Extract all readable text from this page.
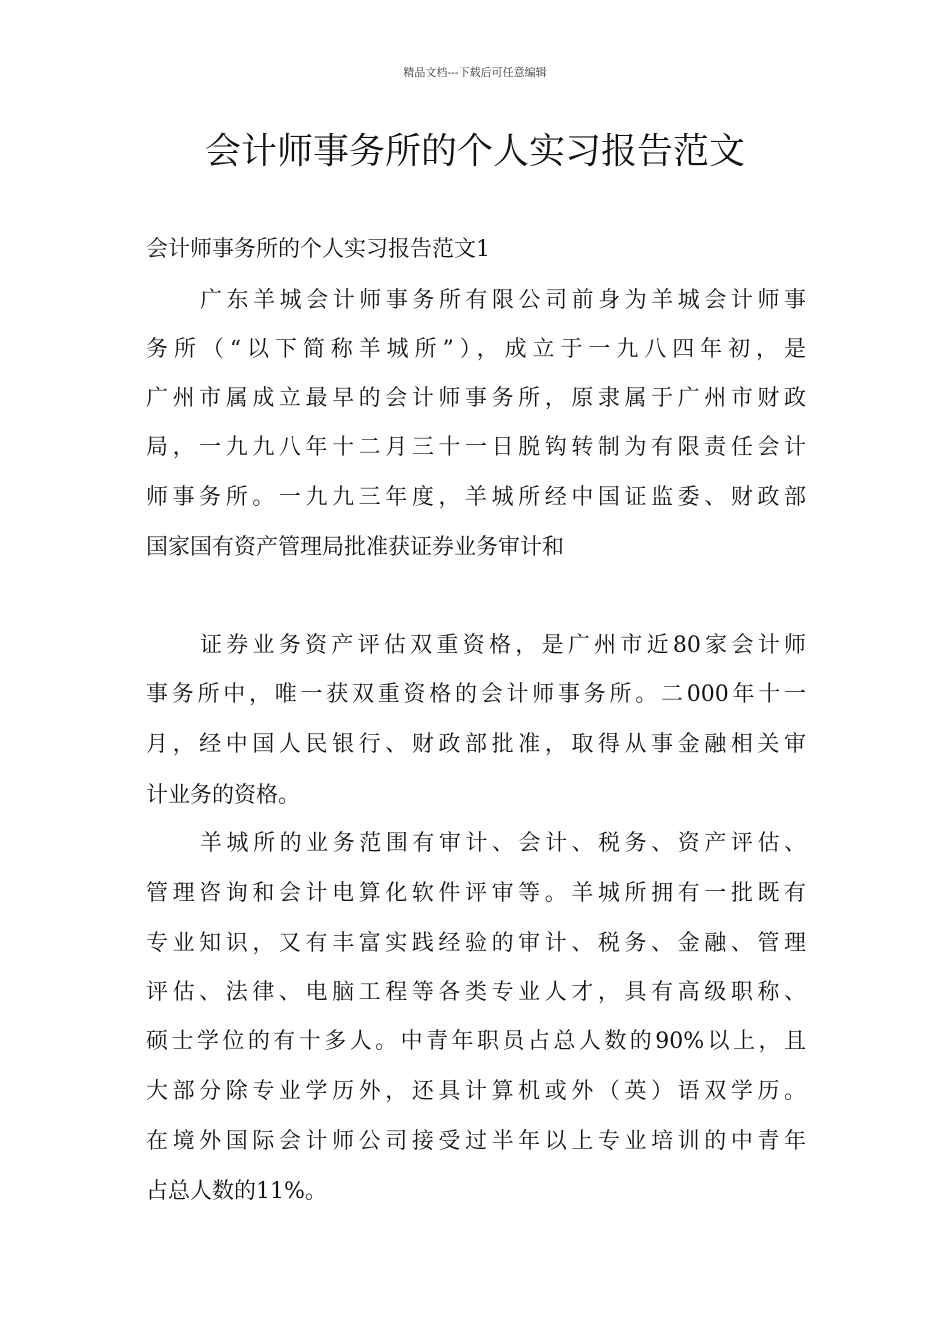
精品文档---下载后可任意编辑
会计师事务所的个人实习报告范文
会计师事务所的个人实习报告范文1
广东羊城会计师事务所有限公司前身为羊城会计师事
务所（“以下简称羊城所”），成立于一九八四年初，是
广州市属成立最早的会计师事务所，原隶属于广州市财政
局，一九九八年十二月三十一日脱钩转制为有限责任会计
师事务所。一九九三年度，羊城所经中国证监委、财政部
国家国有资产管理局批准获证券业务审计和
证券业务资产评估双重资格，是广州市近80家会计师
事务所中，唯一获双重资格的会计师事务所。二000年十一
月，经中国人民银行、财政部批准，取得从事金融相关审
计业务的资格。
羊城所的业务范围有审计、会计、税务、资产评估、
管理咨询和会计电算化软件评审等。羊城所拥有一批既有
专业知识，又有丰富实践经验的审计、税务、金融、管理
评估、法律、电脑工程等各类专业人才，具有高级职称、
硕士学位的有十多人。中青年职员占总人数的90%以上，且
大部分除专业学历外，还具计算机或外（英）语双学历。
在境外国际会计师公司接受过半年以上专业培训的中青年
占总人数的11%。
